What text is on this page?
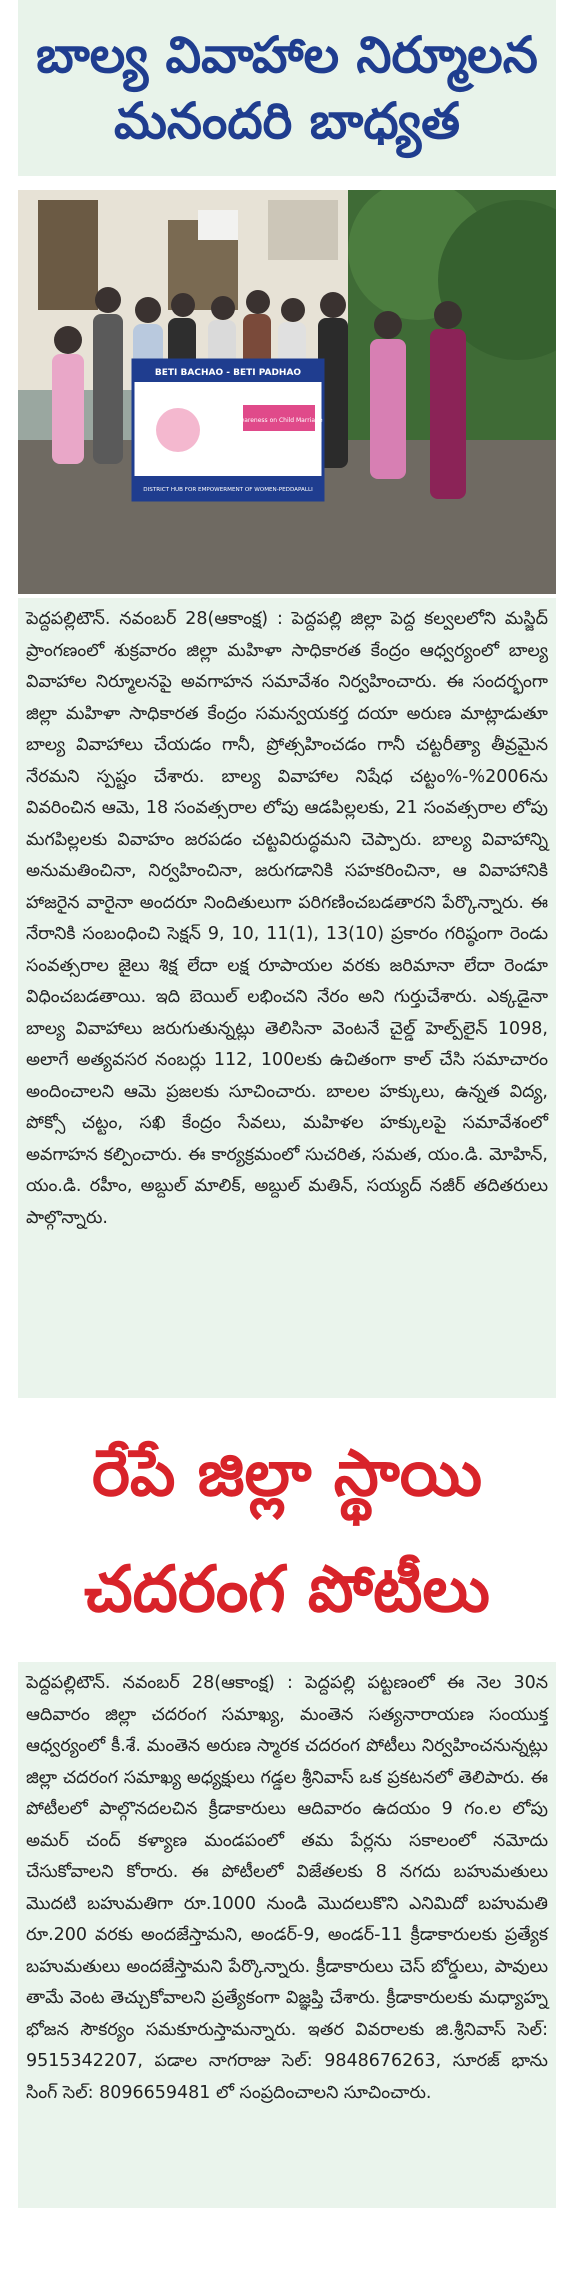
బాల్య వివాహాల నిర్మూలన
మనందరి బాధ్యత
BETI BACHAO - BETI PADHAO
Awareness on Child Marriage
DISTRICT HUB FOR EMPOWERMENT OF WOMEN-PEDDAPALLI

పెద్దపల్లిటౌన్‌. నవంబర్‌ 28(ఆకాంక్ష) : పెద్దపల్లి జిల్లా పెద్ద కల్వలలోని మస్జిద్‌ ప్రాంగణంలో శుక్రవారం జిల్లా మహిళా సాధికారత కేంద్రం ఆధ్వర్యంలో బాల్య వివాహాల నిర్మూలనపై అవగాహన సమావేశం నిర్వహించారు. ఈ సందర్భంగా జిల్లా మహిళా సాధికారత కేంద్రం సమన్వయకర్త దయా అరుణ మాట్లాడుతూ బాల్య వివాహాలు చేయడం గానీ, ప్రోత్సహించడం గానీ చట్టరీత్యా తీవ్రమైన నేరమని స్పష్టం చేశారు. బాల్య వివాహాల నిషేధ చట్టం%-%2006ను వివరించిన ఆమె, 18 సంవత్సరాల లోపు ఆడపిల్లలకు, 21 సంవత్సరాల లోపు మగపిల్లలకు వివాహం జరపడం చట్టవిరుద్ధమని చెప్పారు. బాల్య వివాహాన్ని అనుమతించినా, నిర్వహించినా, జరుగడానికి సహకరించినా, ఆ వివాహానికి హాజరైన వారైనా అందరూ నిందితులుగా పరిగణించబడతారని పేర్కొన్నారు. ఈ నేరానికి సంబంధించి సెక్షన్‌ 9, 10, 11(1), 13(10) ప్రకారం గరిష్ఠంగా రెండు సంవత్సరాల జైలు శిక్ష లేదా లక్ష రూపాయల వరకు జరిమానా లేదా రెండూ విధించబడతాయి. ఇది బెయిల్‌ లభించని నేరం అని గుర్తుచేశారు. ఎక్కడైనా బాల్య వివాహాలు జరుగుతున్నట్లు తెలిసినా వెంటనే చైల్డ్‌ హెల్ప్‌లైన్‌ 1098, అలాగే అత్యవసర నంబర్లు 112, 100లకు ఉచితంగా కాల్‌ చేసి సమాచారం అందించాలని ఆమె ప్రజలకు సూచించారు. బాలల హక్కులు, ఉన్నత విద్య, పోక్సో చట్టం, సఖి కేంద్రం సేవలు, మహిళల హక్కులపై సమావేశంలో అవగాహన కల్పించారు. ఈ కార్యక్రమంలో సుచరిత, సమత, యం.డి. మోహిన్‌, యం.డి. రహీం, అబ్దుల్‌ మాలిక్‌, అబ్దుల్‌ మతిన్‌, సయ్యద్‌ నజీర్‌ తదితరులు పాల్గొన్నారు.

రేపే జిల్లా స్థాయి
చదరంగ పోటీలు

పెద్దపల్లిటౌన్‌. నవంబర్‌ 28(ఆకాంక్ష) : పెద్దపల్లి పట్టణంలో ఈ నెల 30న ఆదివారం జిల్లా చదరంగ సమాఖ్య, మంతెన సత్యనారాయణ సంయుక్త ఆధ్వర్యంలో కీ.శే. మంతెన అరుణ స్మారక చదరంగ పోటీలు నిర్వహించనున్నట్లు జిల్లా చదరంగ సమాఖ్య అధ్యక్షులు గడ్డల శ్రీనివాస్‌ ఒక ప్రకటనలో తెలిపారు. ఈ పోటీలలో పాల్గొనదలచిన క్రీడాకారులు ఆదివారం ఉదయం 9 గం.ల లోపు అమర్‌ చంద్‌ కళ్యాణ మండపంలో తమ పేర్లను సకాలంలో నమోదు చేసుకోవాలని కోరారు. ఈ పోటీలలో విజేతలకు 8 నగదు బహుమతులు మొదటి బహుమతిగా రూ.1000 నుండి మొదలుకొని ఎనిమిదో బహుమతి రూ.200 వరకు అందజేస్తామని, అండర్‌-9, అండర్‌-11 క్రీడాకారులకు ప్రత్యేక బహుమతులు అందజేస్తామని పేర్కొన్నారు. క్రీడాకారులు చెస్‌ బోర్డులు, పావులు తామే వెంట తెచ్చుకోవాలని ప్రత్యేకంగా విజ్ఞప్తి చేశారు. క్రీడాకారులకు మధ్యాహ్న భోజన సౌకర్యం సమకూరుస్తామన్నారు. ఇతర వివరాలకు జి.శ్రీనివాస్‌ సెల్‌: 9515342207, పడాల నాగరాజు సెల్‌: 9848676263, సూరజ్‌ భాను సింగ్‌ సెల్‌: 8096659481 లో సంప్రదించాలని సూచించారు.
